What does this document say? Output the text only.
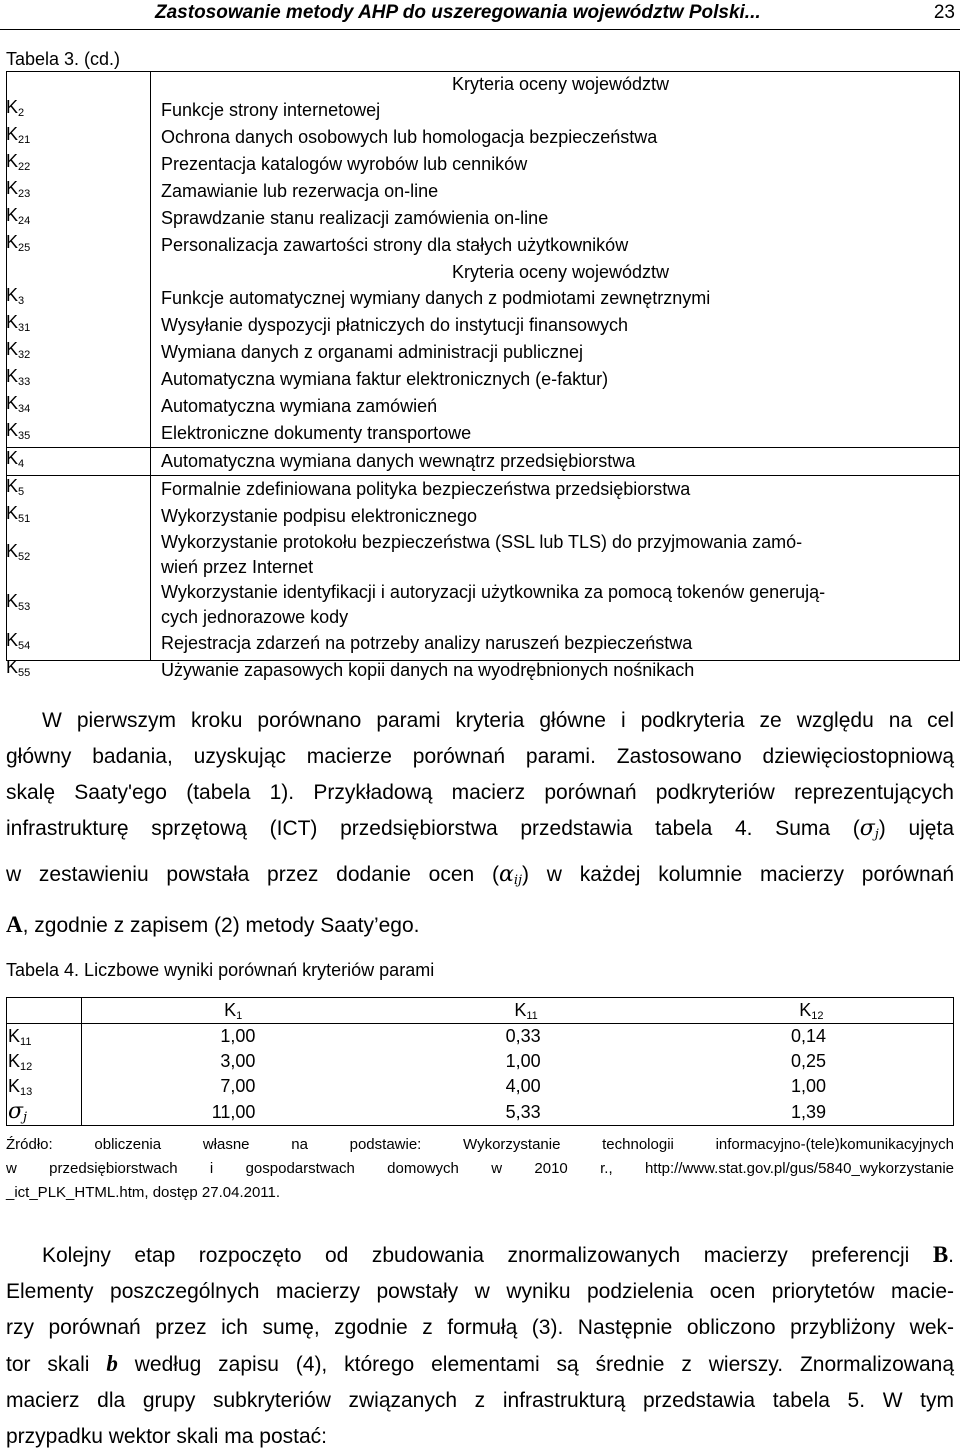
Zastosowanie metody AHP do uszeregowania województw Polski...	23
Tabela 3. (cd.)
	Kryteria oceny województw
$K_2$	Funkcje strony internetowej
$K_{21}$	Ochrona danych osobowych lub homologacja bezpieczeństwa
$K_{22}$	Prezentacja katalogów wyrobów lub cenników
$K_{23}$	Zamawianie lub rezerwacja on-line
$K_{24}$	Sprawdzanie stanu realizacji zamówienia on-line
$K_{25}$	Personalizacja zawartości strony dla stałych użytkowników
	Kryteria oceny województw
$K_3$	Funkcje automatycznej wymiany danych z podmiotami zewnętrznymi
$K_{31}$	Wysyłanie dyspozycji płatniczych do instytucji finansowych
$K_{32}$	Wymiana danych z organami administracji publicznej
$K_{33}$	Automatyczna wymiana faktur elektronicznych (e-faktur)
$K_{34}$	Automatyczna wymiana zamówień
$K_{35}$	Elektroniczne dokumenty transportowe
$K_4$	Automatyczna wymiana danych wewnątrz przedsiębiorstwa
$K_5$	Formalnie zdefiniowana polityka bezpieczeństwa przedsiębiorstwa
$K_{51}$	Wykorzystanie podpisu elektronicznego
$K_{52}$	Wykorzystanie protokołu bezpieczeństwa (SSL lub TLS) do przyjmowania zamó-
wień przez Internet
$K_{53}$	Wykorzystanie identyfikacji i autoryzacji użytkownika za pomocą tokenów generują-
cych jednorazowe kody
$K_{54}$	Rejestracja zdarzeń na potrzeby analizy naruszeń bezpieczeństwa
$K_{55}$	Używanie zapasowych kopii danych na wyodrębnionych nośnikach

W pierwszym kroku porównano parami kryteria główne i podkryteria ze względu na cel

główny badania, uzyskując macierze porównań parami. Zastosowano dziewięciostopniową

skalę Saaty'ego (tabela 1). Przykładową macierz porównań podkryteriów reprezentujących

infrastrukturę sprzętową (ICT) przedsiębiorstwa przedstawia tabela 4. Suma $(\sigma_j)$ ujęta

w zestawieniu powstała przez dodanie ocen $(\alpha_{ij})$ w każdej kolumnie macierzy porównań

A, zgodnie z zapisem (2) metody Saaty’ego.

Tabela 4. Liczbowe wyniki porównań kryteriów parami
	$K_1$	$K_{11}$	$K_{12}$
$K_{11}$	1,00	0,33	0,14
$K_{12}$	3,00	1,00	0,25
$K_{13}$	7,00	4,00	1,00
$\sigma_j$	11,00	5,33	1,39

Źródło: obliczenia własne na podstawie: Wykorzystanie technologii informacyjno-(tele)komunikacyjnych

w przedsiębiorstwach i gospodarstwach domowych w 2010 r., http://www.stat.gov.pl/gus/5840_wykorzystanie

_ict_PLK_HTML.htm, dostęp 27.04.2011.

Kolejny etap rozpoczęto od zbudowania znormalizowanych macierzy preferencji B.

Elementy poszczególnych macierzy powstały w wyniku podzielenia ocen priorytetów macie-

rzy porównań przez ich sumę, zgodnie z formułą (3). Następnie obliczono przybliżony wek-

tor skali b według zapisu (4), którego elementami są średnie z wierszy. Znormalizowaną

macierz dla grupy subkryteriów związanych z infrastrukturą przedstawia tabela 5. W tym

przypadku wektor skali ma postać:
